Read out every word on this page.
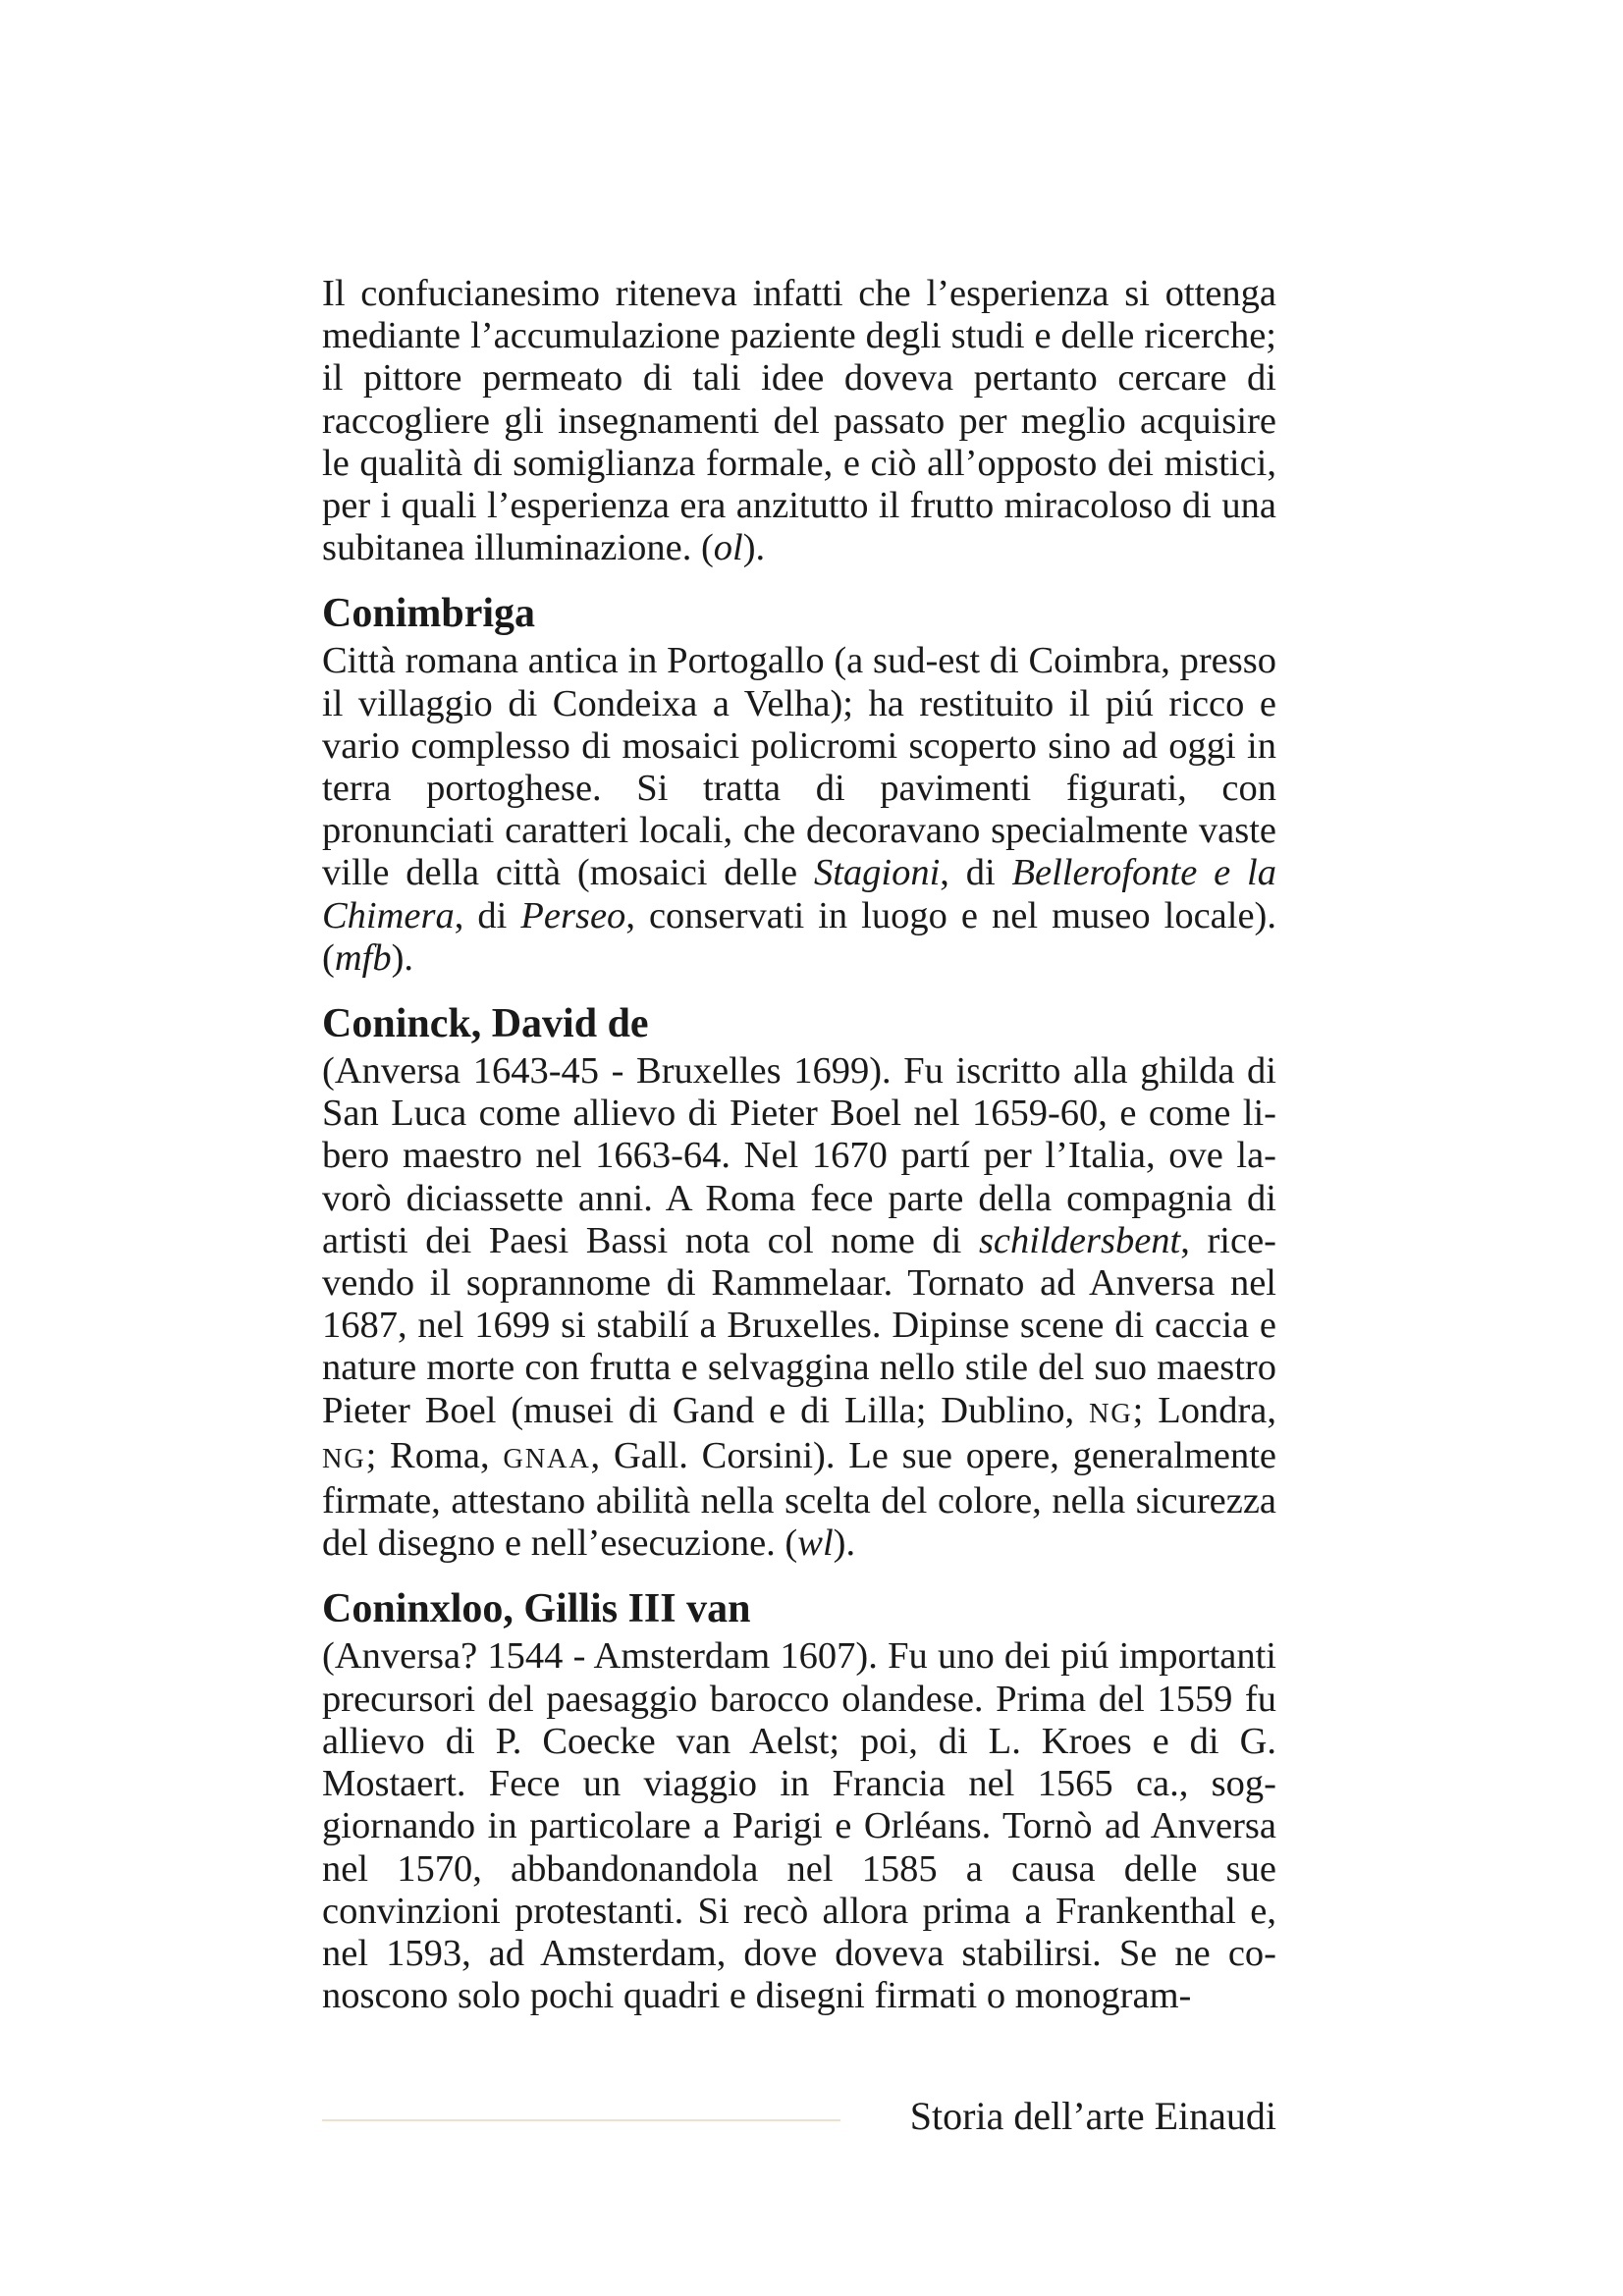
Il confucianesimo riteneva infatti che l’esperienza si ottenga mediante l’accumulazione paziente degli studi e delle ricerche; il pittore permeato di tali idee doveva pertanto cercare di raccogliere gli insegnamenti del passato per meglio acquisire le qualità di somiglianza formale, e ciò all’opposto dei mistici, per i quali l’esperienza era anzitutto il frutto miracoloso di una subitanea illuminazione. (ol).

Conimbriga

Città romana antica in Portogallo (a sud-est di Coimbra, presso il villaggio di Condeixa a Velha); ha restituito il piú ricco e vario complesso di mosaici policromi scoperto sino ad oggi in terra portoghese. Si tratta di pavimenti figurati, con pronunciati caratteri locali, che decoravano specialmente vaste ville della città (mosaici delle Stagioni, di Bellerofonte e la Chimera, di Perseo, conservati in luogo e nel museo locale). (mfb).

Coninck, David de

(Anversa 1643-45 - Bruxelles 1699). Fu iscritto alla ghilda di San Luca come allievo di Pieter Boel nel 1659-60, e come libero maestro nel 1663-64. Nel 1670 partí per l’Italia, ove lavorò diciassette anni. A Roma fece parte della compagnia di artisti dei Paesi Bassi nota col nome di schildersbent, ricevendo il soprannome di Rammelaar. Tornato ad Anversa nel 1687, nel 1699 si stabilí a Bruxelles. Dipinse scene di caccia e nature morte con frutta e selvaggina nello stile del suo maestro Pieter Boel (musei di Gand e di Lilla; Dublino, NG; Londra, NG; Roma, GNAA, Gall. Corsini). Le sue opere, generalmente firmate, attestano abilità nella scelta del colore, nella sicurezza del disegno e nell’esecuzione. (wl).

Coninxloo, Gillis III van

(Anversa? 1544 - Amsterdam 1607). Fu uno dei piú importanti precursori del paesaggio barocco olandese. Prima del 1559 fu allievo di P. Coecke van Aelst; poi, di L. Kroes e di G. Mostaert. Fece un viaggio in Francia nel 1565 ca., soggiornando in particolare a Parigi e Orléans. Tornò ad Anversa nel 1570, abbandonandola nel 1585 a causa delle sue convinzioni protestanti. Si recò allora prima a Frankenthal e, nel 1593, ad Amsterdam, dove doveva stabilirsi. Se ne conoscono solo pochi quadri e disegni firmati o monogram-

Storia dell’arte Einaudi
